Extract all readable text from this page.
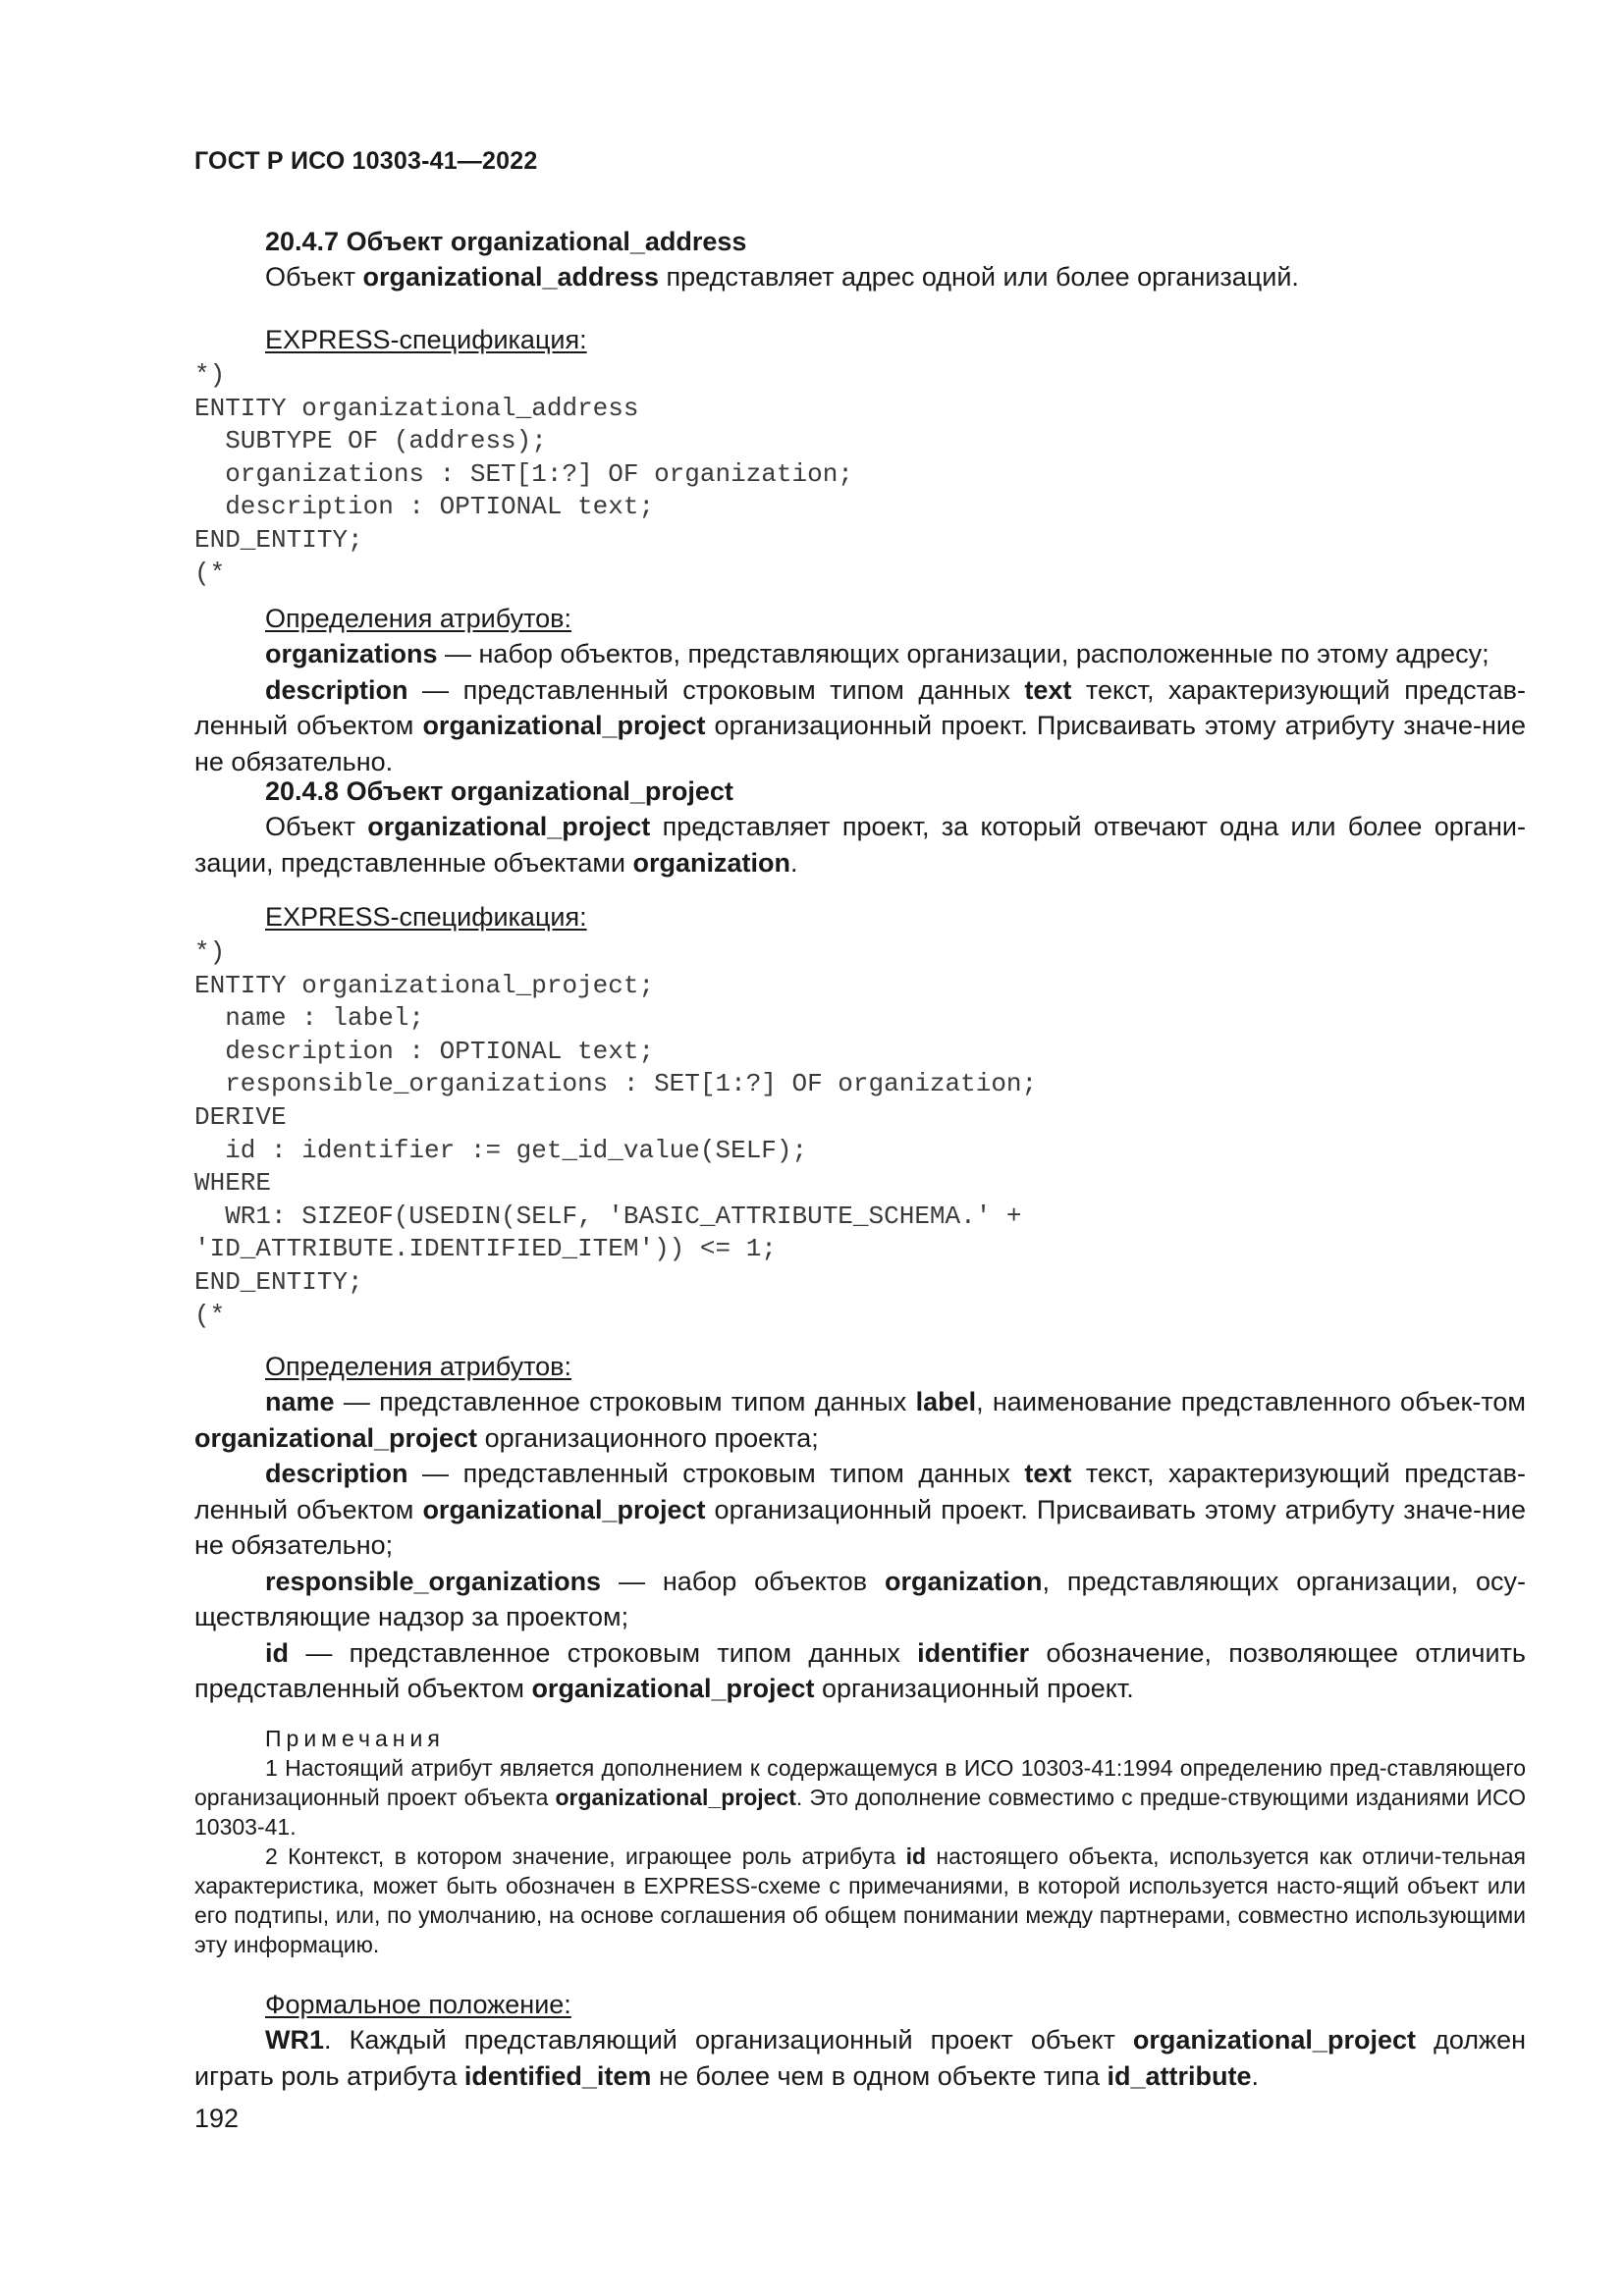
ГОСТ Р ИСО 10303-41—2022

20.4.7 Объект organizational_address

Объект organizational_address представляет адрес одной или более организаций.

EXPRESS-спецификация:

*)
ENTITY organizational_address
SUBTYPE OF (address);
organizations : SET[1:?] OF organization;
description : OPTIONAL text;
END_ENTITY;
(*

Определения атрибутов:

organizations — набор объектов, представляющих организации, расположенные по этому адресу;

description — представленный строковым типом данных text текст, характеризующий представ-ленный объектом organizational_project организационный проект. Присваивать этому атрибуту значе-ние не обязательно.

20.4.8 Объект organizational_project

Объект organizational_project представляет проект, за который отвечают одна или более органи-зации, представленные объектами organization.

EXPRESS-спецификация:

*)
ENTITY organizational_project;
name : label;
description : OPTIONAL text;
responsible_organizations : SET[1:?] OF organization;
DERIVE
id : identifier := get_id_value(SELF);
WHERE
WR1: SIZEOF(USEDIN(SELF, 'BASIC_ATTRIBUTE_SCHEMA.' +
'ID_ATTRIBUTE.IDENTIFIED_ITEM')) <= 1;
END_ENTITY;
(*

Определения атрибутов:

name — представленное строковым типом данных label, наименование представленного объек-том organizational_project организационного проекта;

description — представленный строковым типом данных text текст, характеризующий представ-ленный объектом organizational_project организационный проект. Присваивать этому атрибуту значе-ние не обязательно;

responsible_organizations — набор объектов organization, представляющих организации, осу-ществляющие надзор за проектом;

id — представленное строковым типом данных identifier обозначение, позволяющее отличить представленный объектом organizational_project организационный проект.

Примечания

1 Настоящий атрибут является дополнением к содержащемуся в ИСО 10303-41:1994 определению пред-ставляющего организационный проект объекта organizational_project. Это дополнение совместимо с предше-ствующими изданиями ИСО 10303-41.

2 Контекст, в котором значение, играющее роль атрибута id настоящего объекта, используется как отличи-тельная характеристика, может быть обозначен в EXPRESS-схеме с примечаниями, в которой используется насто-ящий объект или его подтипы, или, по умолчанию, на основе соглашения об общем понимании между партнерами, совместно использующими эту информацию.

Формальное положение:

WR1. Каждый представляющий организационный проект объект organizational_project должен играть роль атрибута identified_item не более чем в одном объекте типа id_attribute.

192
